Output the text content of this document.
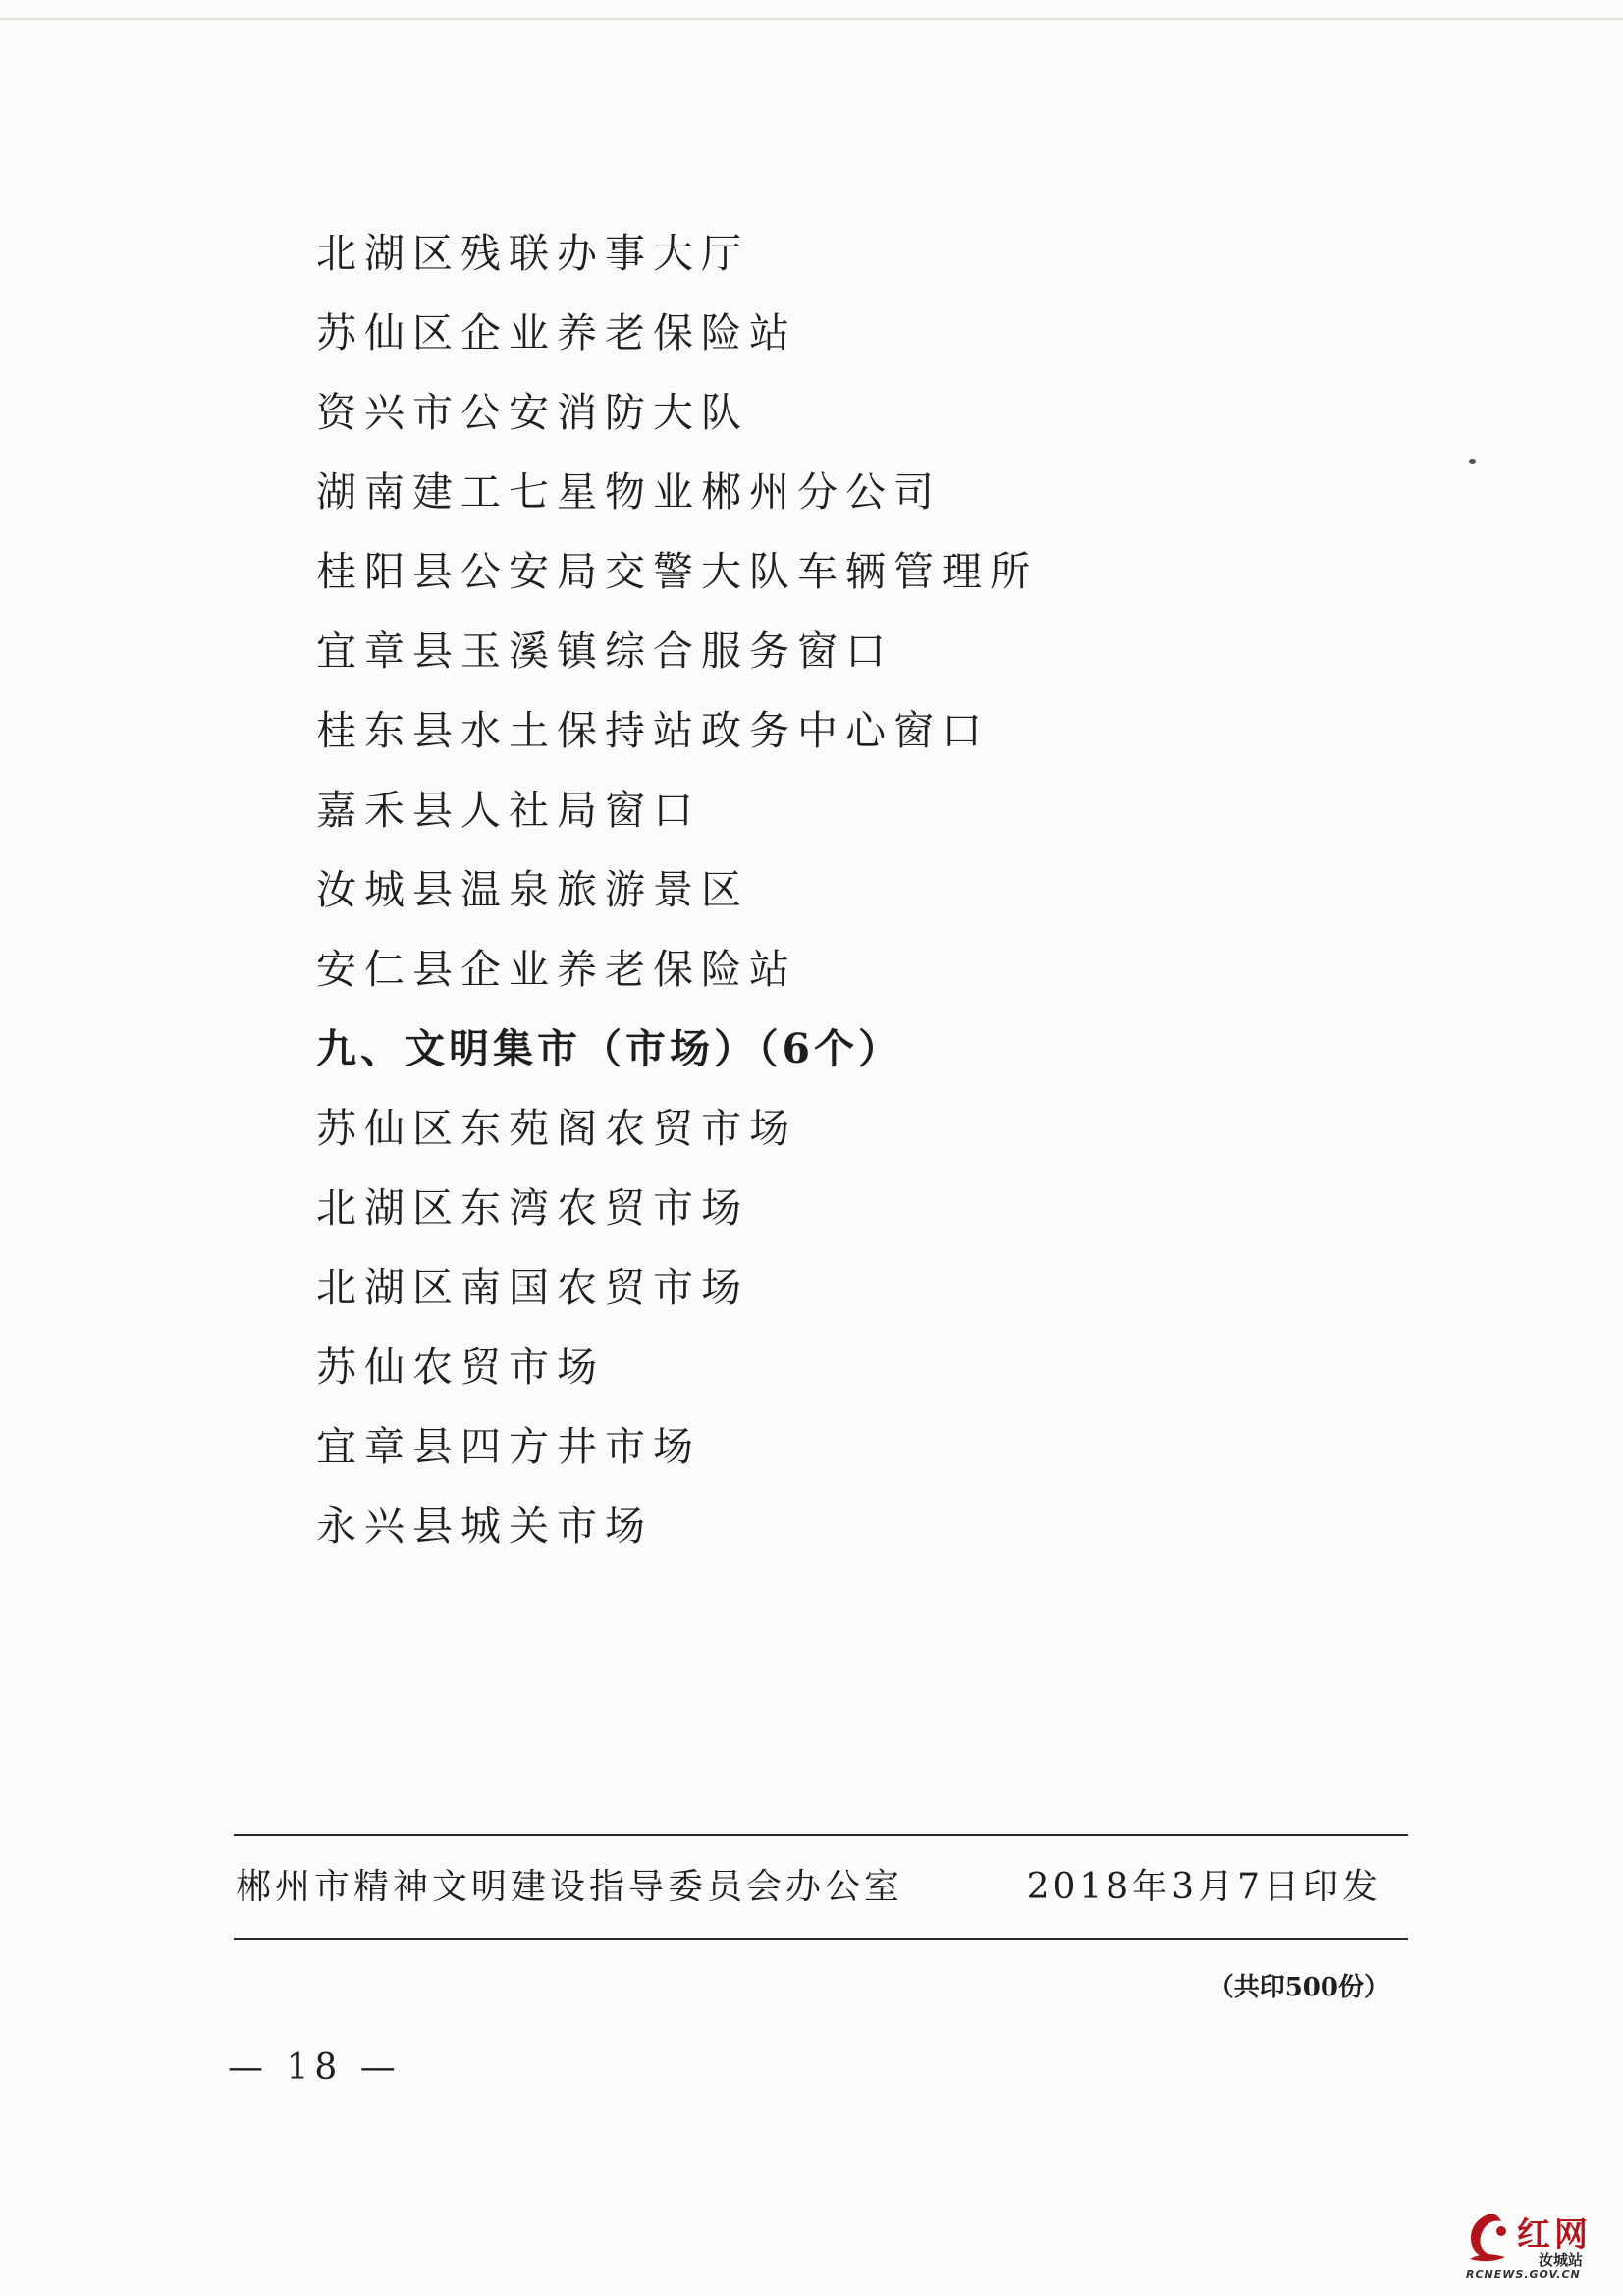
北湖区残联办事大厅
苏仙区企业养老保险站
资兴市公安消防大队
湖南建工七星物业郴州分公司
桂阳县公安局交警大队车辆管理所
宜章县玉溪镇综合服务窗口
桂东县水土保持站政务中心窗口
嘉禾县人社局窗口
汝城县温泉旅游景区
安仁县企业养老保险站
九、文明集市（市场）（6个）
苏仙区东苑阁农贸市场
北湖区东湾农贸市场
北湖区南国农贸市场
苏仙农贸市场
宜章县四方井市场
永兴县城关市场
郴州市精神文明建设指导委员会办公室	2018年3月7日印发
（共印500份）
— 18 —
红网
汝城站
RCNEWS.GOV.CN
